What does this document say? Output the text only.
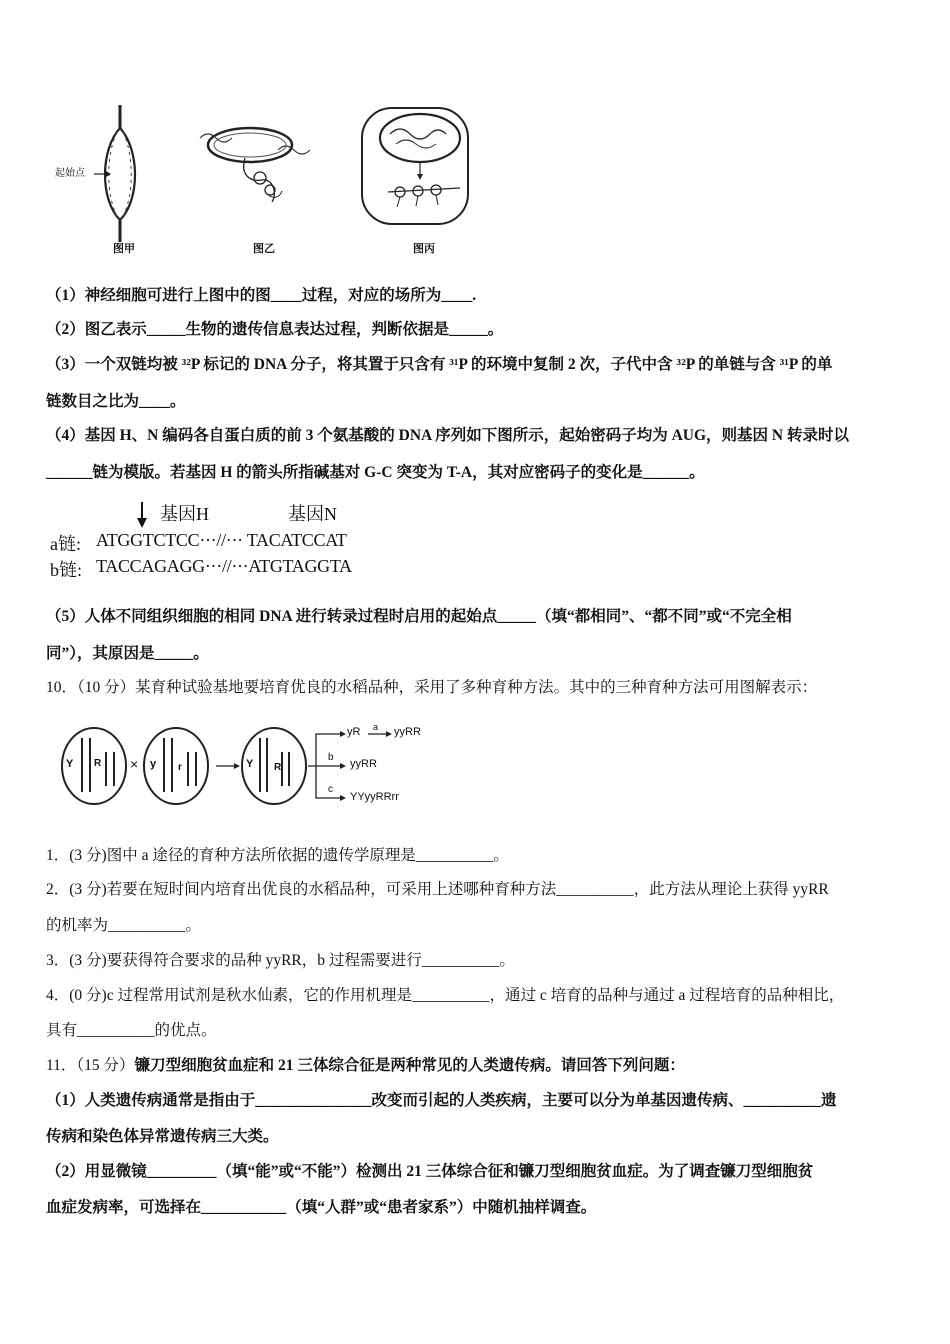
起始点
图甲	图乙	图丙
（1）神经细胞可进行上图中的图____过程，对应的场所为____.
（2）图乙表示_____生物的遗传信息表达过程，判断依据是_____。
（3）一个双链均被 ³²P 标记的 DNA 分子，将其置于只含有 ³¹P 的环境中复制 2 次，子代中含 ³²P 的单链与含 ³¹P 的单
链数目之比为____。
（4）基因 H、N 编码各自蛋白质的前 3 个氨基酸的 DNA 序列如下图所示，起始密码子均为 AUG，则基因 N 转录时以
______链为模版。若基因 H 的箭头所指碱基对 G-C 突变为 T-A，其对应密码子的变化是______。
基因H	基因N
a链: ATGGTCTCC···//··· TACATCCAT
b链: TACCAGAGG···//···ATGTAGGTA
（5）人体不同组织细胞的相同 DNA 进行转录过程时启用的起始点_____（填“都相同”、“都不同”或“不完全相
同”），其原因是_____。
10．（10 分）某育种试验基地要培育优良的水稻品种，采用了多种育种方法。其中的三种育种方法可用图解表示：
Y R	y r
×	Y R
yR a yyRR
b
yyRR
c
YYyyRRrr
1．(3 分)图中 a 途径的育种方法所依据的遗传学原理是__________。
2．(3 分)若要在短时间内培育出优良的水稻品种，可采用上述哪种育种方法__________，此方法从理论上获得 yyRR
的机率为__________。
3．(3 分)要获得符合要求的品种 yyRR，b 过程需要进行__________。
4．(0 分)c 过程常用试剂是秋水仙素，它的作用机理是__________，通过 c 培育的品种与通过 a 过程培育的品种相比，
具有__________的优点。
11．（15 分）镰刀型细胞贫血症和 21 三体综合征是两种常见的人类遗传病。请回答下列问题：
（1）人类遗传病通常是指由于_______________改变而引起的人类疾病，主要可以分为单基因遗传病、__________遗
传病和染色体异常遗传病三大类。
（2）用显微镜_________（填“能”或“不能”）检测出 21 三体综合征和镰刀型细胞贫血症。为了调查镰刀型细胞贫
血症发病率，可选择在___________（填“人群”或“患者家系”）中随机抽样调查。
